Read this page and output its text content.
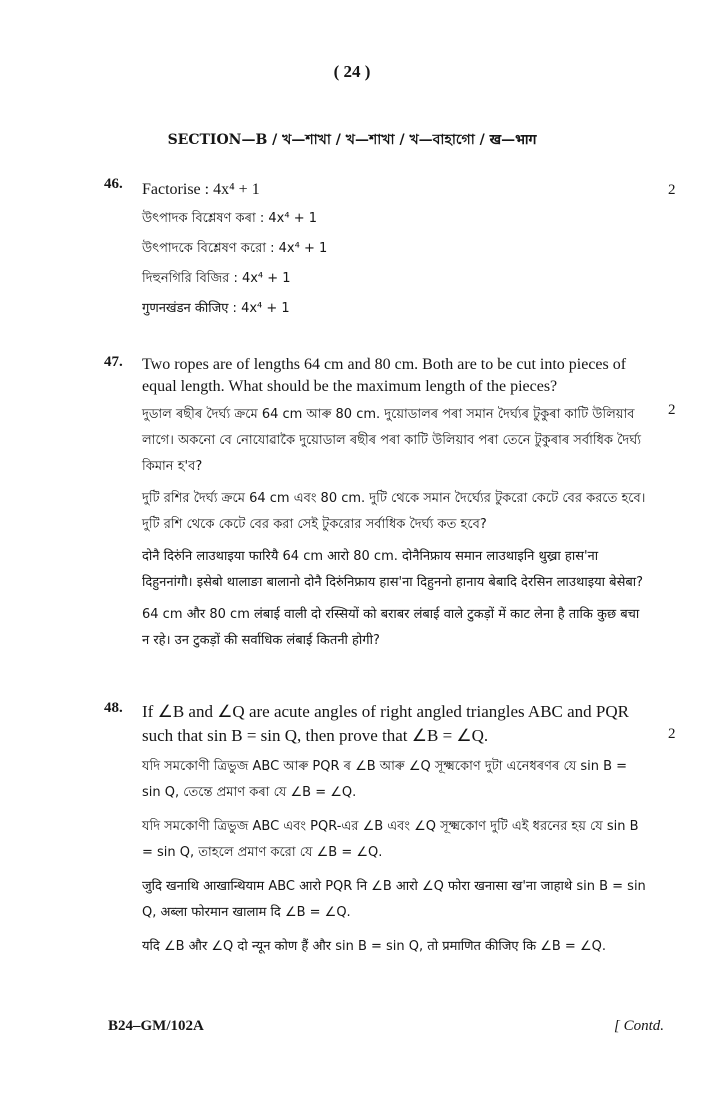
( 24 )
SECTION—B / খ—শাখা / খ—শাখা / খ—বাহাগো / ख—भाग
46. Factorise : 4x⁴ + 1
উৎপাদক বিশ্লেষণ কৰা : 4x⁴ + 1
উৎপাদকে বিশ্লেষণ করো : 4x⁴ + 1
দিহুনগিরি বিজির : 4x⁴ + 1
गुणनखंडन कीजिए : 4x⁴ + 1
2
47. Two ropes are of lengths 64 cm and 80 cm. Both are to be cut into pieces of equal length. What should be the maximum length of the pieces?
দুডাল ৰছীৰ দৈৰ্ঘ্য ক্ৰমে 64 cm আৰু 80 cm. দুয়োডালৰ পৰা সমান দৈৰ্ঘ্যৰ টুকুৰা কাটি উলিয়াব লাগে। অকনো বে নোযোৱাকৈ দুয়োডাল ৰছীৰ পৰা কাটি উলিয়াব পৰা তেনে টুকুৰাৰ সৰ্বাধিক দৈৰ্ঘ্য কিমান হ'ব?
দুটি রশির দৈর্ঘ্য ক্রমে 64 cm এবং 80 cm. দুটি থেকে সমান দৈর্ঘ্যের টুকরো কেটে বের করতে হবে। দুটি রশি থেকে কেটে বের করা সেই টুকরোর সর্বাধিক দৈর্ঘ্য কত হবে?
दोनै दिरुंनि लाउथाइया फारियै 64 cm आरो 80 cm. दोनैनिफ्राय समान लाउथाइनि थुख्रा हास'ना दिहुननांगौ। इसेबो थालाङा बालानो दोनै दिरुंनिफ्राय हास'ना दिहुननो हानाय बेबादि देरसिन लाउथाइया बेसेबा?
64 cm और 80 cm लंबाई वाली दो रस्सियों को बराबर लंबाई वाले टुकड़ों में काट लेना है ताकि कुछ बचा न रहे। उन टुकड़ों की सर्वाधिक लंबाई कितनी होगी?
2
48. If ∠B and ∠Q are acute angles of right angled triangles ABC and PQR such that sin B = sin Q, then prove that ∠B = ∠Q.
যদি সমকোণী ত্ৰিভুজ ABC আৰু PQR ৰ ∠B আৰু ∠Q সূক্ষ্মকোণ দুটা এনেধৰণৰ যে sin B = sin Q, তেন্তে প্ৰমাণ কৰা যে ∠B = ∠Q.
যদি সমকোণী ত্রিভুজ ABC এবং PQR-এর ∠B এবং ∠Q সূক্ষ্মকোণ দুটি এই ধরনের হয় যে sin B = sin Q, তাহলে প্রমাণ করো যে ∠B = ∠Q.
जुदि खनाथि आखान्थियाम ABC आरो PQR नि ∠B आरो ∠Q फोरा खनासा ख'ना जाहाथे sin B = sin Q, अब्ला फोरमान खालाम दि ∠B = ∠Q.
यदि ∠B और ∠Q दो न्यून कोण हैं और sin B = sin Q, तो प्रमाणित कीजिए कि ∠B = ∠Q.
2
B24–GM/102A	[ Contd.
